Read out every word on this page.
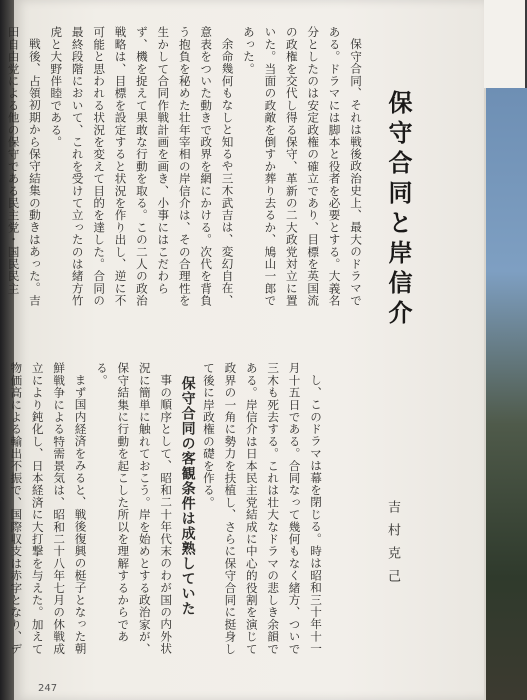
保守合同、それは戦後政治史上、最大のドラマである。ドラマには脚本と役者を必要とする。大義名分としたのは安定政権の確立であり、目標を英国流の政権を交代し得る保守、革新の二大政党対立に置いた。当面の政敵を倒すか葬り去るか、鳩山一郎であった。

余命幾何もなしと知るや三木武吉は、変幻自在、意表をついた動きで政界を網にかける。次代を背負う抱負を秘めた壮年宰相の岸信介は、その合理性を生かして合同作戦計画を画き、小事にはこだわらず、機を捉えて果敢な行動を取る。この二人の政治戦略は、目標を設定すると状況を作り出し、逆に不可能と思われる状況を変えて目的を達した。合同の最終段階において、これを受けて立ったのは緒方竹虎と大野伴睦である。

戦後、占領初期から保守結集の動きはあった。吉田自由党による他の保守である民主党・国民民主	保守合同と岸信介

し、このドラマは幕を閉じる。時は昭和三十年十一月十五日である。合同なって幾何もなく緒方、ついで三木も死去する。これは壮大なドラマの悲しき余韻である。岸信介は日本民主党結成に中心的役割を演じて政界の一角に勢力を扶植し、さらに保守合同に挺身して後に岸政権の礎を作る。

保守合同の客観条件は成熟していた

事の順序として、昭和二十年代末のわが国の内外状況に簡単に触れておこう。岸を始めとする政治家が、保守結集に行動を起こした所以を理解するからである。

まず国内経済をみると、戦後復興の梃子となった朝鮮戦争による特需景気は、昭和二十八年七月の休戦成立により鈍化し、日本経済に大打撃を与えた。加えて物価高による輸出不振で、国際収支は赤字となり、デ

吉村克己
247
